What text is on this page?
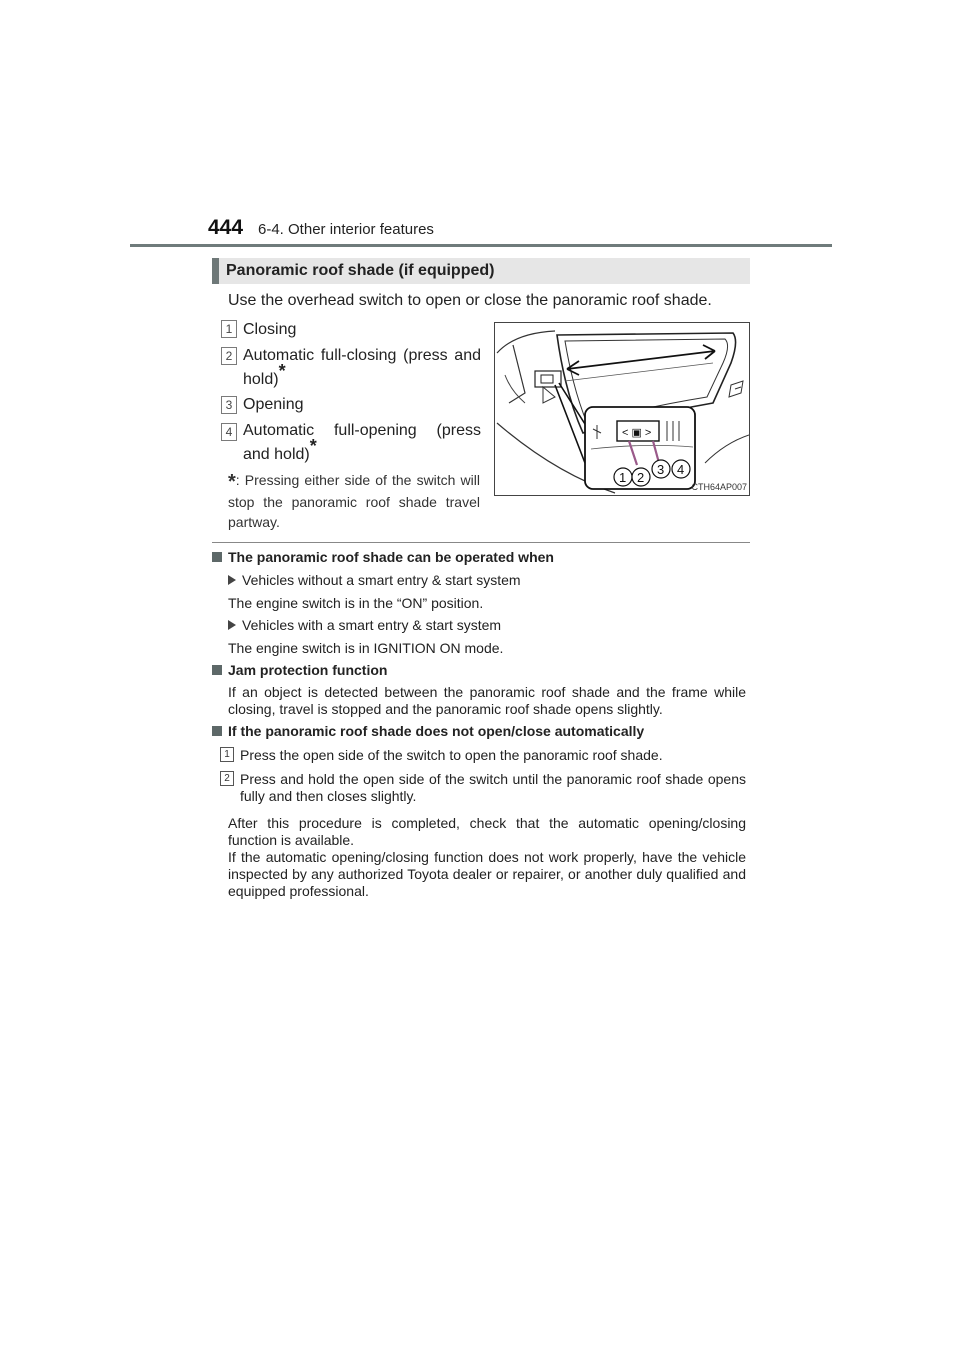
444 6-4. Other interior features
Panoramic roof shade (if equipped)
Use the overhead switch to open or close the panoramic roof shade.
1 Closing
2 Automatic full-closing (press and hold)*
3 Opening
4 Automatic full-opening (press and hold)*
*: Pressing either side of the switch will stop the panoramic roof shade travel partway.
< ▣ >
1 2
3 4
CTH64AP007
The panoramic roof shade can be operated when
Vehicles without a smart entry & start system
The engine switch is in the “ON” position.
Vehicles with a smart entry & start system
The engine switch is in IGNITION ON mode.
Jam protection function
If an object is detected between the panoramic roof shade and the frame while closing, travel is stopped and the panoramic roof shade opens slightly.
If the panoramic roof shade does not open/close automatically
1 Press the open side of the switch to open the panoramic roof shade.
2 Press and hold the open side of the switch until the panoramic roof shade opens fully and then closes slightly.
After this procedure is completed, check that the automatic opening/closing function is available.
If the automatic opening/closing function does not work properly, have the vehicle inspected by any authorized Toyota dealer or repairer, or another duly qualified and equipped professional.
